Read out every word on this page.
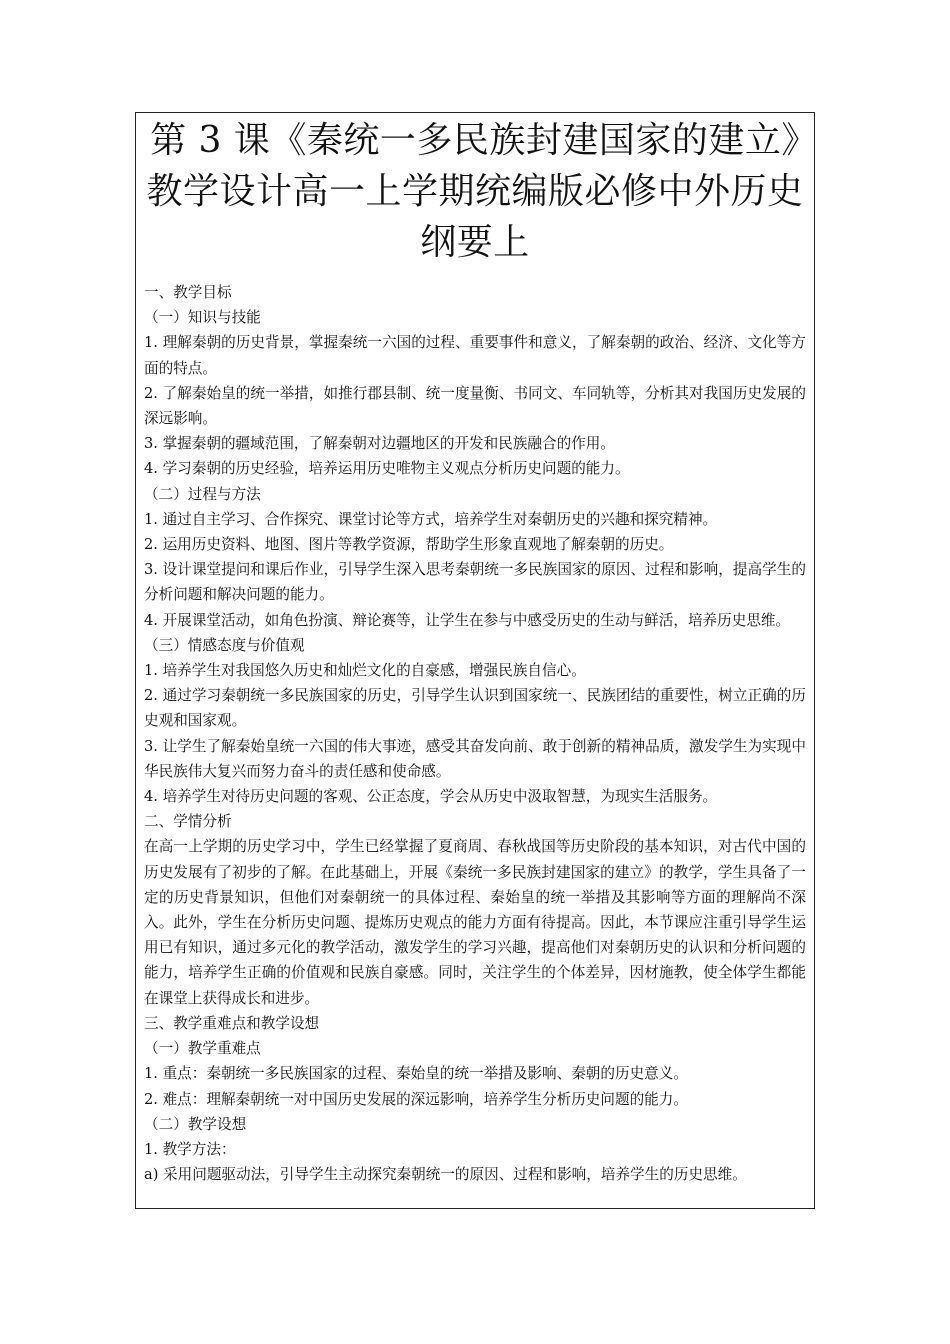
第 3 课《秦统一多民族封建国家的建立》教学设计高一上学期统编版必修中外历史纲要上

一、教学目标

（一）知识与技能

1. 理解秦朝的历史背景，掌握秦统一六国的过程、重要事件和意义，了解秦朝的政治、经济、文化等方面的特点。

2. 了解秦始皇的统一举措，如推行郡县制、统一度量衡、书同文、车同轨等，分析其对我国历史发展的深远影响。

3. 掌握秦朝的疆域范围，了解秦朝对边疆地区的开发和民族融合的作用。

4. 学习秦朝的历史经验，培养运用历史唯物主义观点分析历史问题的能力。

（二）过程与方法

1. 通过自主学习、合作探究、课堂讨论等方式，培养学生对秦朝历史的兴趣和探究精神。

2. 运用历史资料、地图、图片等教学资源，帮助学生形象直观地了解秦朝的历史。

3. 设计课堂提问和课后作业，引导学生深入思考秦朝统一多民族国家的原因、过程和影响，提高学生的分析问题和解决问题的能力。

4. 开展课堂活动，如角色扮演、辩论赛等，让学生在参与中感受历史的生动与鲜活，培养历史思维。

（三）情感态度与价值观

1. 培养学生对我国悠久历史和灿烂文化的自豪感，增强民族自信心。

2. 通过学习秦朝统一多民族国家的历史，引导学生认识到国家统一、民族团结的重要性，树立正确的历史观和国家观。

3. 让学生了解秦始皇统一六国的伟大事迹，感受其奋发向前、敢于创新的精神品质，激发学生为实现中华民族伟大复兴而努力奋斗的责任感和使命感。

4. 培养学生对待历史问题的客观、公正态度，学会从历史中汲取智慧，为现实生活服务。

二、学情分析

在高一上学期的历史学习中，学生已经掌握了夏商周、春秋战国等历史阶段的基本知识，对古代中国的历史发展有了初步的了解。在此基础上，开展《秦统一多民族封建国家的建立》的教学，学生具备了一定的历史背景知识，但他们对秦朝统一的具体过程、秦始皇的统一举措及其影响等方面的理解尚不深入。此外，学生在分析历史问题、提炼历史观点的能力方面有待提高。因此，本节课应注重引导学生运用已有知识，通过多元化的教学活动，激发学生的学习兴趣，提高他们对秦朝历史的认识和分析问题的能力，培养学生正确的价值观和民族自豪感。同时，关注学生的个体差异，因材施教，使全体学生都能在课堂上获得成长和进步。

三、教学重难点和教学设想

（一）教学重难点

1. 重点：秦朝统一多民族国家的过程、秦始皇的统一举措及影响、秦朝的历史意义。

2. 难点：理解秦朝统一对中国历史发展的深远影响，培养学生分析历史问题的能力。

（二）教学设想

1. 教学方法：

a) 采用问题驱动法，引导学生主动探究秦朝统一的原因、过程和影响，培养学生的历史思维。
